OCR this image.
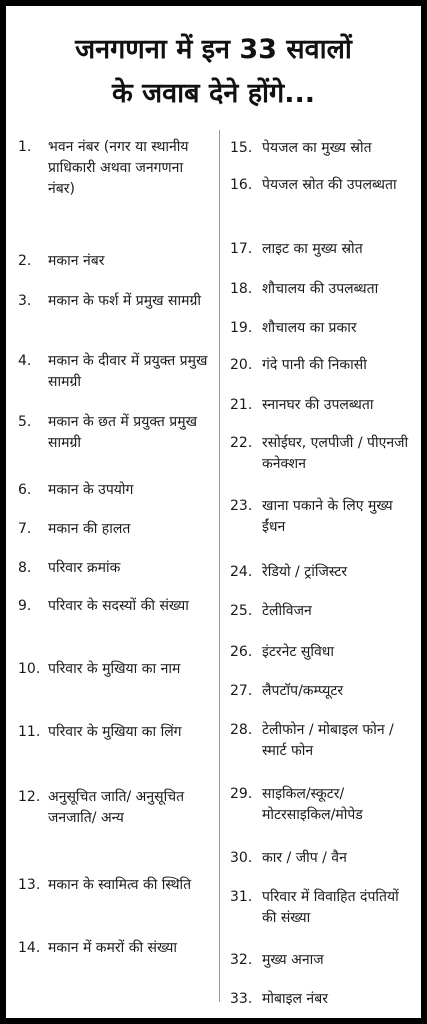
जनगणना में इन 33 सवालों
के जवाब देने होंगे...
1.	भवन नंबर (नगर या स्थानीय प्राधिकारी अथवा जनगणना नंबर)
2.	मकान नंबर
3.	मकान के फर्श में प्रमुख सामग्री
4.	मकान के दीवार में प्रयुक्त प्रमुख सामग्री
5.	मकान के छत में प्रयुक्त प्रमुख सामग्री
6.	मकान के उपयोग
7.	मकान की हालत
8.	परिवार क्रमांक
9.	परिवार के सदस्यों की संख्या
10. परिवार के मुखिया का नाम
11. परिवार के मुखिया का लिंग
12. अनुसूचित जाति/ अनुसूचित जनजाति/ अन्य
13. मकान के स्वामित्व की स्थिति
14. मकान में कमरों की संख्या
15. पेयजल का मुख्य स्रोत
16. पेयजल स्रोत की उपलब्धता
17. लाइट का मुख्य स्रोत
18. शौचालय की उपलब्धता
19. शौचालय का प्रकार
20. गंदे पानी की निकासी
21. स्नानघर की उपलब्धता
22. रसोईघर, एलपीजी / पीएनजी कनेक्शन
23. खाना पकाने के लिए मुख्य ईंधन
24. रेडियो / ट्रांजिस्टर
25. टेलीविजन
26. इंटरनेट सुविधा
27. लैपटॉप/कम्प्यूटर
28. टेलीफोन / मोबाइल फोन / स्मार्ट फोन
29. साइकिल/स्कूटर/ मोटरसाइकिल/मोपेड
30. कार / जीप / वैन
31. परिवार में विवाहित दंपतियों की संख्या
32. मुख्य अनाज
33. मोबाइल नंबर
